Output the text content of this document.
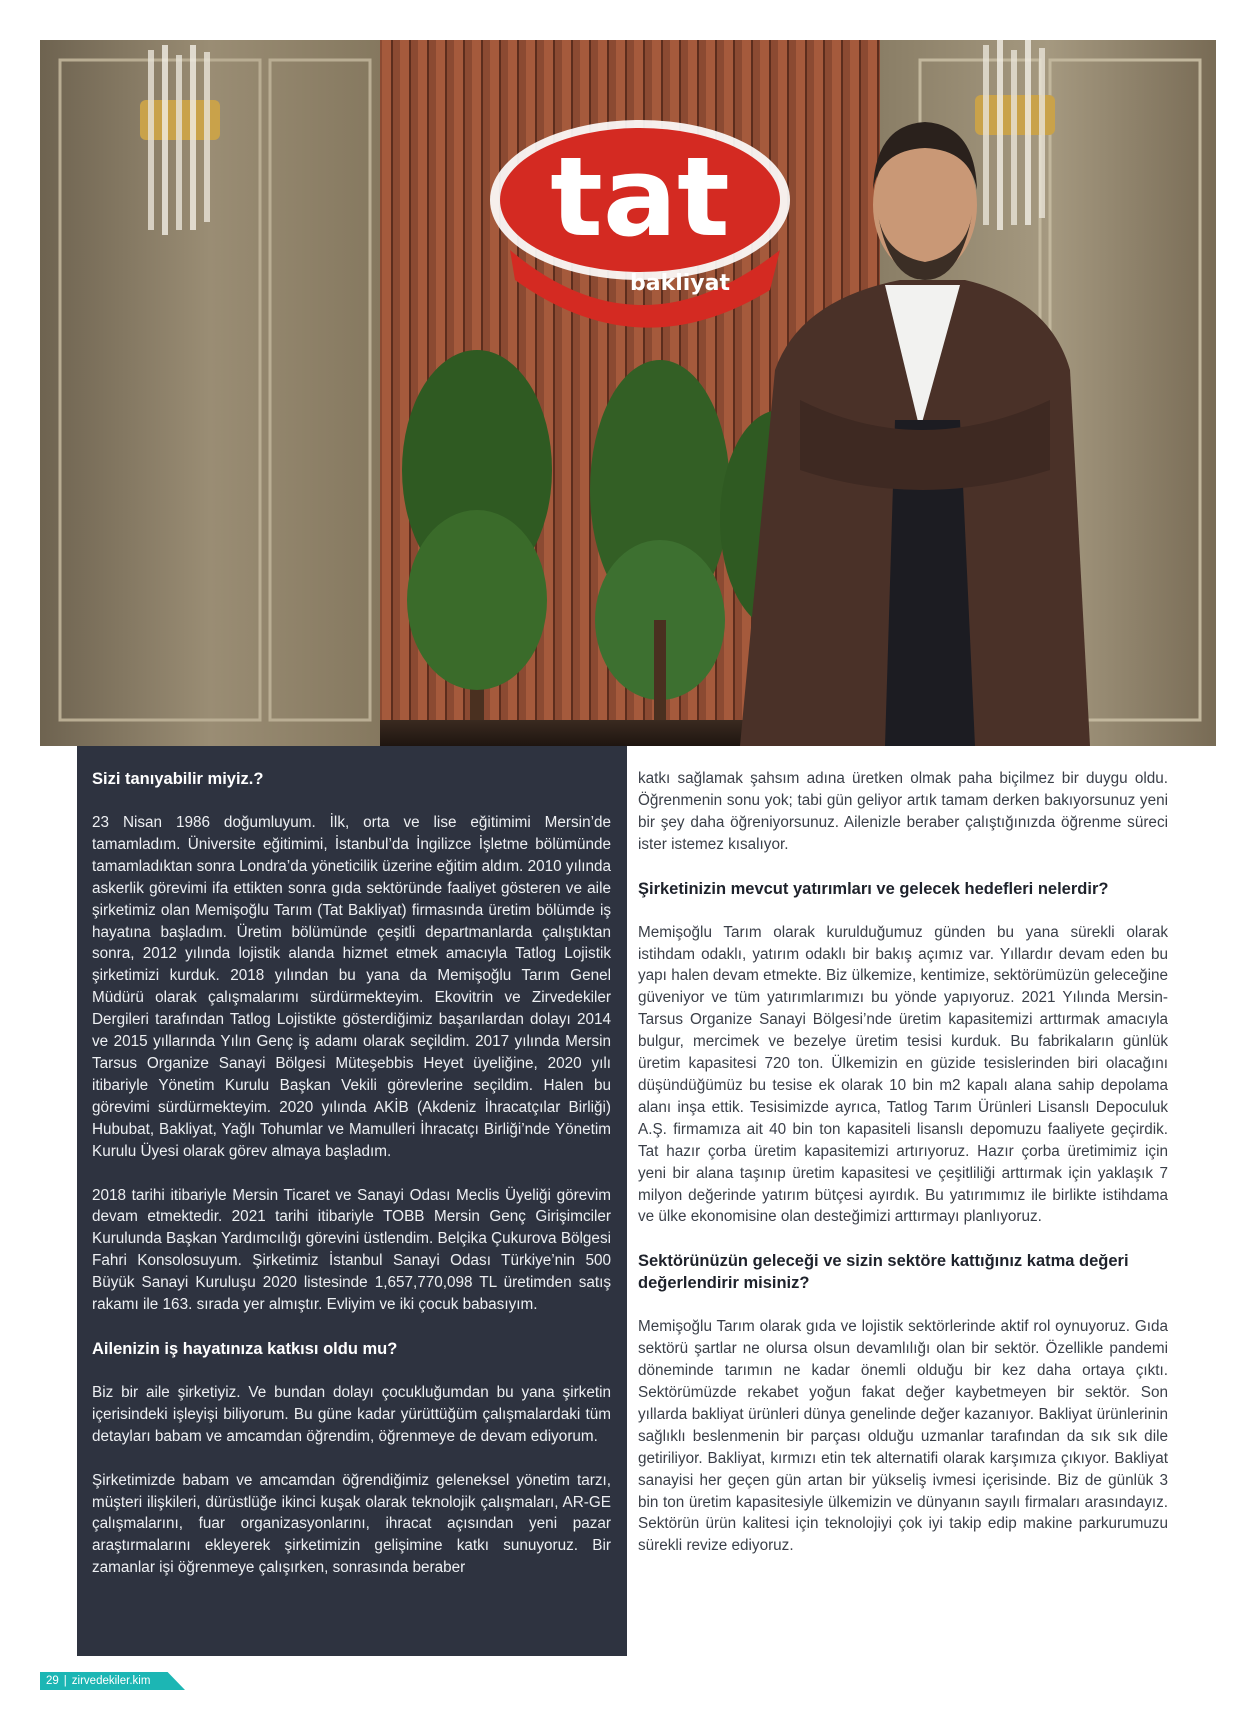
tat
bakliyat

Sizi tanıyabilir miyiz.?

23 Nisan 1986 doğumluyum. İlk, orta ve lise eğitimimi Mersin’de tamamladım. Üniversite eğitimimi, İstanbul’da İngilizce İşletme bölümünde tamamladıktan sonra Londra’da yöneticilik üzerine eğitim aldım. 2010 yılında askerlik görevimi ifa ettikten sonra gıda sektöründe faaliyet gösteren ve aile şirketimiz olan Memişoğlu Tarım (Tat Bakliyat) firmasında üretim bölümde iş hayatına başladım. Üretim bölümünde çeşitli departmanlarda çalıştıktan sonra, 2012 yılında lojistik alanda hizmet etmek amacıyla Tatlog Lojistik şirketimizi kurduk. 2018 yılından bu yana da Memişoğlu Tarım Genel Müdürü olarak çalışmalarımı sürdürmekteyim. Ekovitrin ve Zirvedekiler Dergileri tarafından Tatlog Lojistikte gösterdiğimiz başarılardan dolayı 2014 ve 2015 yıllarında Yılın Genç iş adamı olarak seçildim. 2017 yılında Mersin Tarsus Organize Sanayi Bölgesi Müteşebbis Heyet üyeliğine, 2020 yılı itibariyle Yönetim Kurulu Başkan Vekili görevlerine seçildim. Halen bu görevimi sürdürmekteyim. 2020 yılında AKİB (Akdeniz İhracatçılar Birliği) Hububat, Bakliyat, Yağlı Tohumlar ve Mamulleri İhracatçı Birliği’nde Yönetim Kurulu Üyesi olarak görev almaya başladım.

2018 tarihi itibariyle Mersin Ticaret ve Sanayi Odası Meclis Üyeliği görevim devam etmektedir. 2021 tarihi itibariyle TOBB Mersin Genç Girişimciler Kurulunda Başkan Yardımcılığı görevini üstlendim. Belçika Çukurova Bölgesi Fahri Konsolosuyum. Şirketimiz İstanbul Sanayi Odası Türkiye’nin 500 Büyük Sanayi Kuruluşu 2020 listesinde 1,657,770,098 TL üretimden satış rakamı ile 163. sırada yer almıştır. Evliyim ve iki çocuk babasıyım.

Ailenizin iş hayatınıza katkısı oldu mu?

Biz bir aile şirketiyiz. Ve bundan dolayı çocukluğumdan bu yana şirketin içerisindeki işleyişi biliyorum. Bu güne kadar yürüttüğüm çalışmalardaki tüm detayları babam ve amcamdan öğrendim, öğrenmeye de devam ediyorum.

Şirketimizde babam ve amcamdan öğrendiğimiz geleneksel yönetim tarzı, müşteri ilişkileri, dürüstlüğe ikinci kuşak olarak teknolojik çalışmaları, AR-GE çalışmalarını, fuar organizasyonlarını, ihracat açısından yeni pazar araştırmalarını ekleyerek şirketimizin gelişimine katkı sunuyoruz. Bir zamanlar işi öğrenmeye çalışırken, sonrasında beraber

katkı sağlamak şahsım adına üretken olmak paha biçilmez bir duygu oldu. Öğrenmenin sonu yok; tabi gün geliyor artık tamam derken bakıyorsunuz yeni bir şey daha öğreniyorsunuz. Ailenizle beraber çalıştığınızda öğrenme süreci ister istemez kısalıyor.

Şirketinizin mevcut yatırımları ve gelecek hedefleri nelerdir?

Memişoğlu Tarım olarak kurulduğumuz günden bu yana sürekli olarak istihdam odaklı, yatırım odaklı bir bakış açımız var. Yıllardır devam eden bu yapı halen devam etmekte. Biz ülkemize, kentimize, sektörümüzün geleceğine güveniyor ve tüm yatırımlarımızı bu yönde yapıyoruz. 2021 Yılında Mersin-Tarsus Organize Sanayi Bölgesi’nde üretim kapasitemizi arttırmak amacıyla bulgur, mercimek ve bezelye üretim tesisi kurduk. Bu fabrikaların günlük üretim kapasitesi 720 ton. Ülkemizin en güzide tesislerinden biri olacağını düşündüğümüz bu tesise ek olarak 10 bin m2 kapalı alana sahip depolama alanı inşa ettik. Tesisimizde ayrıca, Tatlog Tarım Ürünleri Lisanslı Depoculuk A.Ş. firmamıza ait 40 bin ton kapasiteli lisanslı depomuzu faaliyete geçirdik. Tat hazır çorba üretim kapasitemizi artırıyoruz. Hazır çorba üretimimiz için yeni bir alana taşınıp üretim kapasitesi ve çeşitliliği arttırmak için yaklaşık 7 milyon değerinde yatırım bütçesi ayırdık. Bu yatırımımız ile birlikte istihdama ve ülke ekonomisine olan desteğimizi arttırmayı planlıyoruz.

Sektörünüzün geleceği ve sizin sektöre kattığınız katma değeri değerlendirir misiniz?

Memişoğlu Tarım olarak gıda ve lojistik sektörlerinde aktif rol oynuyoruz. Gıda sektörü şartlar ne olursa olsun devamlılığı olan bir sektör. Özellikle pandemi döneminde tarımın ne kadar önemli olduğu bir kez daha ortaya çıktı. Sektörümüzde rekabet yoğun fakat değer kaybetmeyen bir sektör. Son yıllarda bakliyat ürünleri dünya genelinde değer kazanıyor. Bakliyat ürünlerinin sağlıklı beslenmenin bir parçası olduğu uzmanlar tarafından da sık sık dile getiriliyor. Bakliyat, kırmızı etin tek alternatifi olarak karşımıza çıkıyor. Bakliyat sanayisi her geçen gün artan bir yükseliş ivmesi içerisinde. Biz de günlük 3 bin ton üretim kapasitesiyle ülkemizin ve dünyanın sayılı firmaları arasındayız. Sektörün ürün kalitesi için teknolojiyi çok iyi takip edip makine parkurumuzu sürekli revize ediyoruz.

29 | zirvedekiler.kim
